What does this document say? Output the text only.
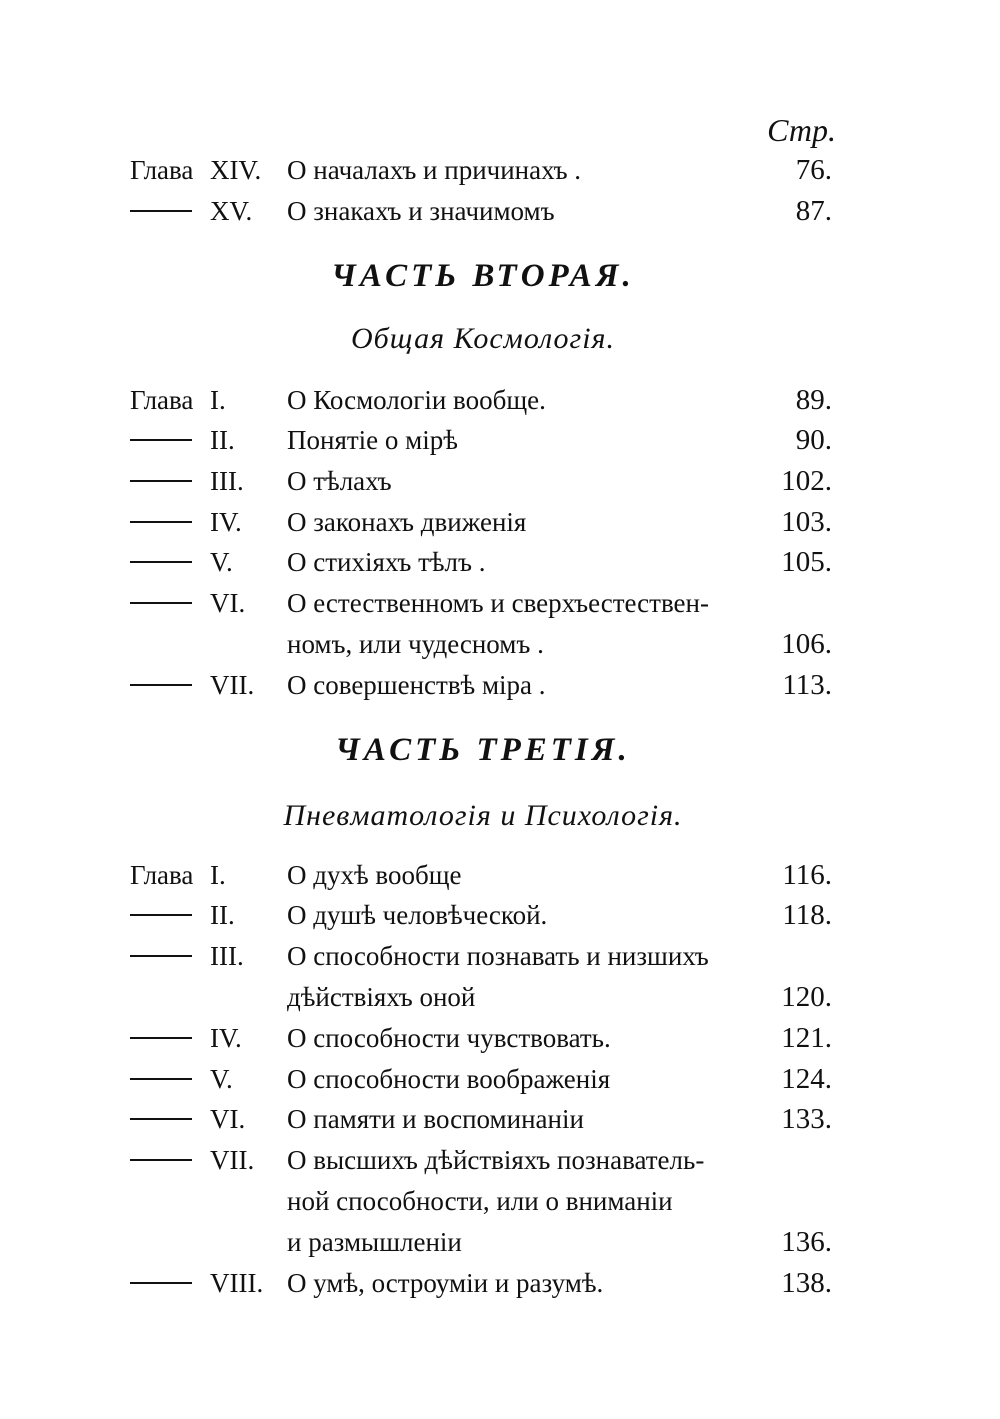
Стр.
Глава XIV. О началахъ и причинахъ .	76.
XV.	О знакахъ и значимомъ	87.
ЧАСТЬ ВТОРАЯ.
Общая Космологія.
Глава I.	О Космологіи вообще.	89.
II.	Понятіе о мірѣ	90.
III.	О тѣлахъ	102.
IV.	О законахъ движенія	103.
V.	О стихіяхъ тѣлъ .	105.
VI.	О естественномъ и сверхъестествен-
номъ, или чудесномъ .	106.
VII.	О совершенствѣ міра .	113.
ЧАСТЬ ТРЕТІЯ.
Пневматологія и Психологія.
Глава I.	О духѣ вообще	116.
II.	О душѣ человѣческой.	118.
III.	О способности познавать и низшихъ
дѣйствіяхъ оной	120.
IV.	О способности чувствовать.	121.
V.	О способности воображенія	124.
VI.	О памяти и воспоминаніи	133.
VII.	О высшихъ дѣйствіяхъ познаватель-
ной способности, или о вниманіи
и размышленіи	136.
VIII. О умѣ, остроуміи и разумѣ.	138.
